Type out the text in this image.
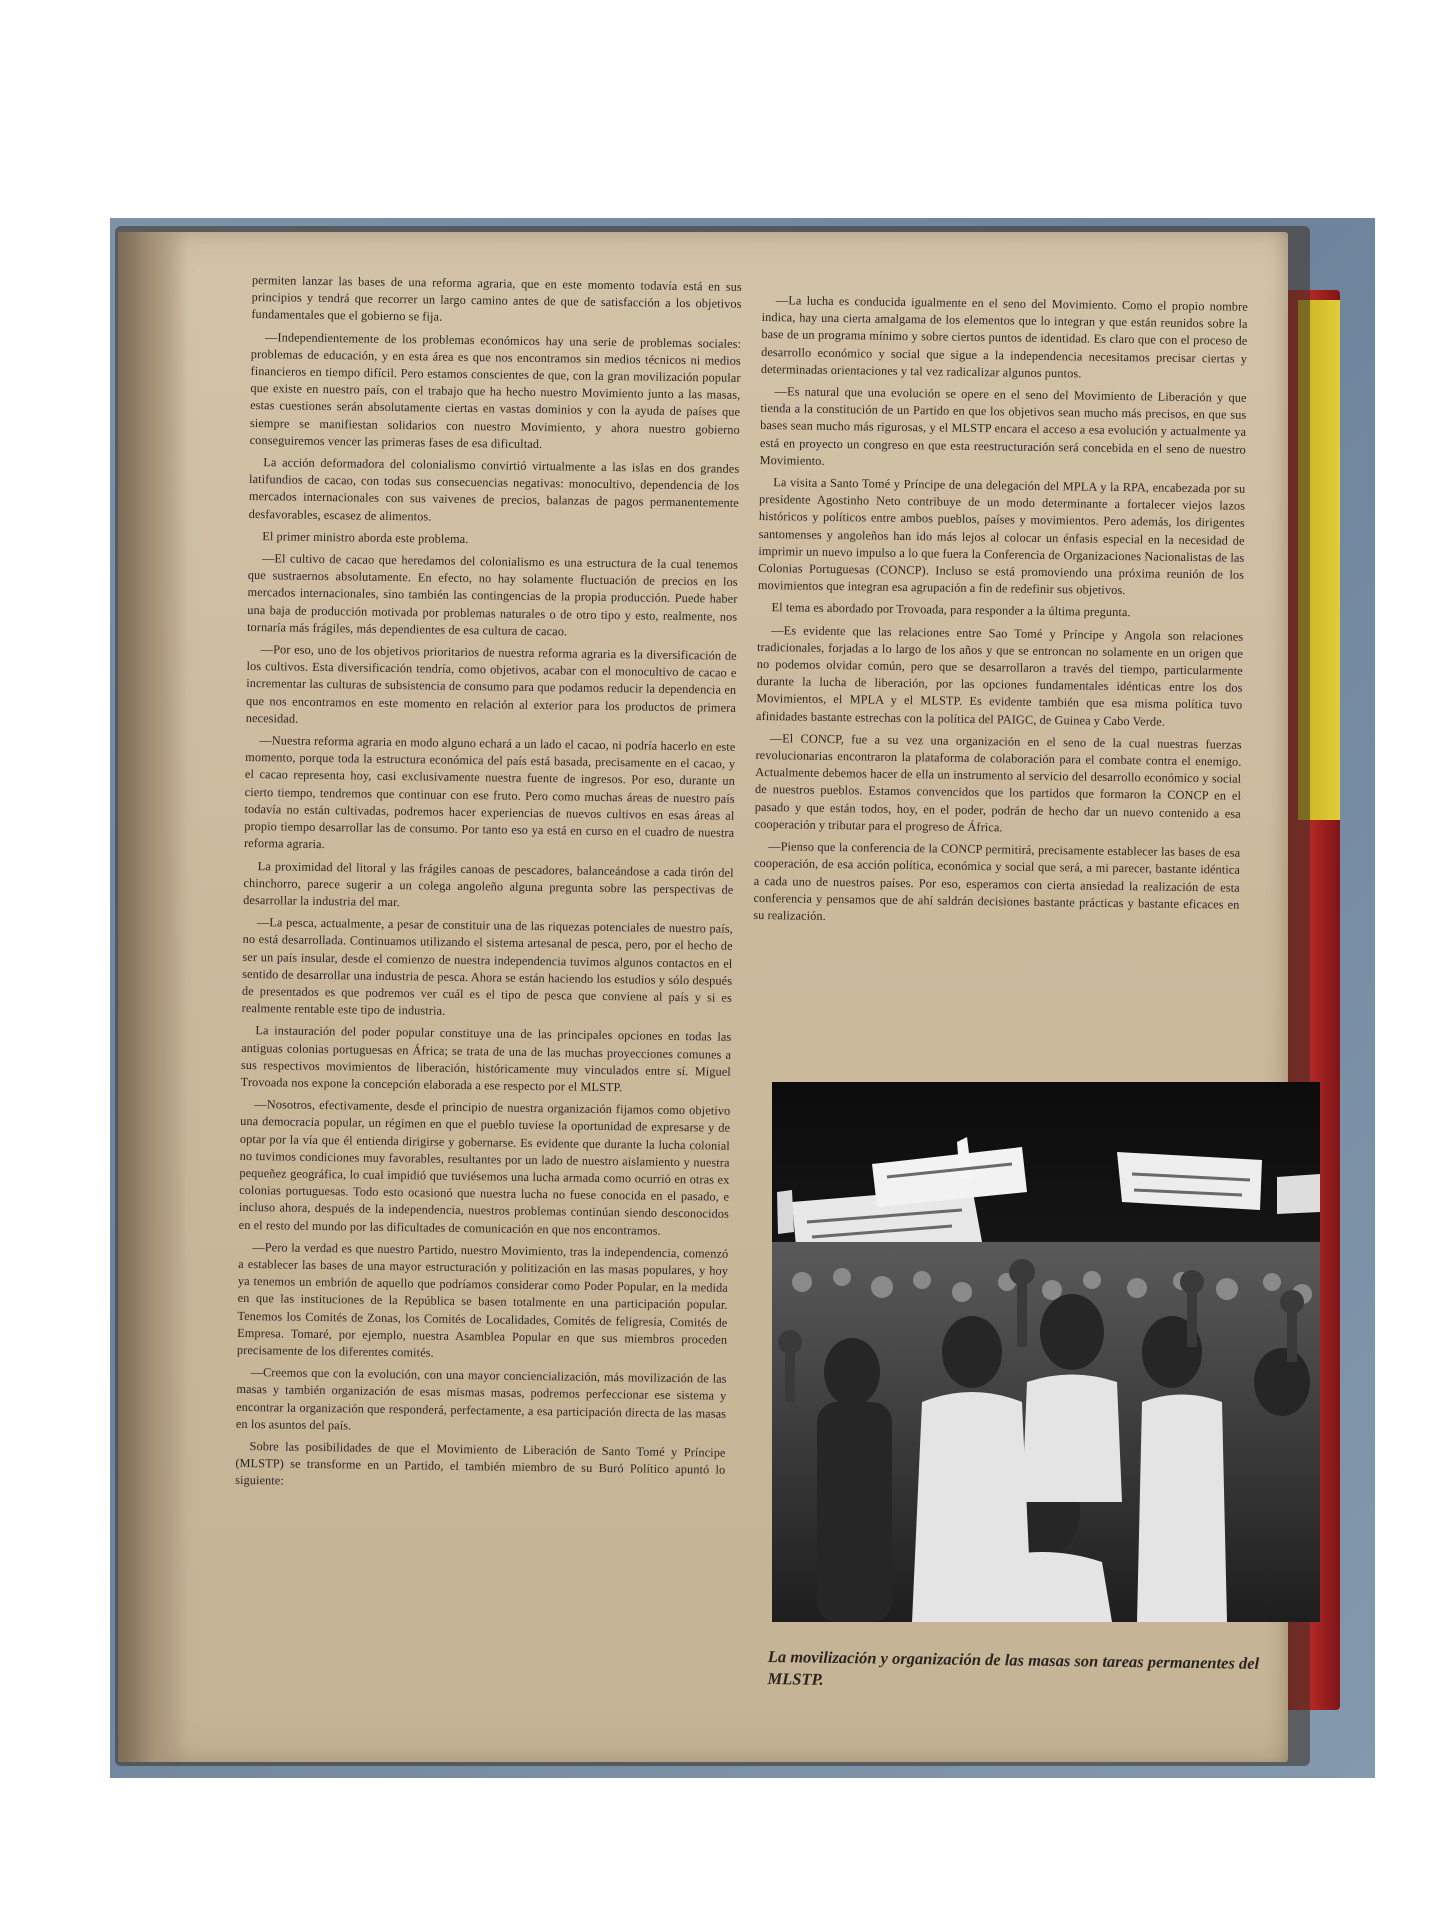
permiten lanzar las bases de una reforma agraria, que en este momento todavía está en sus principios y tendrá que recorrer un largo camino antes de que de satisfacción a los objetivos fundamentales que el gobierno se fija.

—Independientemente de los problemas económicos hay una serie de problemas sociales: problemas de educación, y en esta área es que nos encontramos sin medios técnicos ni medios financieros en tiempo difícil. Pero estamos conscientes de que, con la gran movilización popular que existe en nuestro país, con el trabajo que ha hecho nuestro Movimiento junto a las masas, estas cuestiones serán absolutamente ciertas en vastas dominios y con la ayuda de países que siempre se manifiestan solidarios con nuestro Movimiento, y ahora nuestro gobierno conseguiremos vencer las primeras fases de esa dificultad.

La acción deformadora del colonialismo convirtió virtualmente a las islas en dos grandes latifundios de cacao, con todas sus consecuencias negativas: monocultivo, dependencia de los mercados internacionales con sus vaivenes de precios, balanzas de pagos permanentemente desfavorables, escasez de alimentos.

El primer ministro aborda este problema.

—El cultivo de cacao que heredamos del colonialismo es una estructura de la cual tenemos que sustraernos absolutamente. En efecto, no hay solamente fluctuación de precios en los mercados internacionales, sino también las contingencias de la propia producción. Puede haber una baja de producción motivada por problemas naturales o de otro tipo y esto, realmente, nos tornaría más frágiles, más dependientes de esa cultura de cacao.

—Por eso, uno de los objetivos prioritarios de nuestra reforma agraria es la diversificación de los cultivos. Esta diversificación tendría, como objetivos, acabar con el monocultivo de cacao e incrementar las culturas de subsistencia de consumo para que podamos reducir la dependencia en que nos encontramos en este momento en relación al exterior para los productos de primera necesidad.

—Nuestra reforma agraria en modo alguno echará a un lado el cacao, ni podría hacerlo en este momento, porque toda la estructura económica del país está basada, precisamente en el cacao, y el cacao representa hoy, casi exclusivamente nuestra fuente de ingresos. Por eso, durante un cierto tiempo, tendremos que continuar con ese fruto. Pero como muchas áreas de nuestro país todavía no están cultivadas, podremos hacer experiencias de nuevos cultivos en esas áreas al propio tiempo desarrollar las de consumo. Por tanto eso ya está en curso en el cuadro de nuestra reforma agraria.

La proximidad del litoral y las frágiles canoas de pescadores, balanceándose a cada tirón del chinchorro, parece sugerir a un colega angoleño alguna pregunta sobre las perspectivas de desarrollar la industria del mar.

—La pesca, actualmente, a pesar de constituir una de las riquezas potenciales de nuestro país, no está desarrollada. Continuamos utilizando el sistema artesanal de pesca, pero, por el hecho de ser un país insular, desde el comienzo de nuestra independencia tuvimos algunos contactos en el sentido de desarrollar una industria de pesca. Ahora se están haciendo los estudios y sólo después de presentados es que podremos ver cuál es el tipo de pesca que conviene al país y si es realmente rentable este tipo de industria.

La instauración del poder popular constituye una de las principales opciones en todas las antiguas colonias portuguesas en África; se trata de una de las muchas proyecciones comunes a sus respectivos movimientos de liberación, históricamente muy vinculados entre sí. Miguel Trovoada nos expone la concepción elaborada a ese respecto por el MLSTP.

—Nosotros, efectivamente, desde el principio de nuestra organización fijamos como objetivo una democracia popular, un régimen en que el pueblo tuviese la oportunidad de expresarse y de optar por la vía que él entienda dirigirse y gobernarse. Es evidente que durante la lucha colonial no tuvimos condiciones muy favorables, resultantes por un lado de nuestro aislamiento y nuestra pequeñez geográfica, lo cual impidió que tuviésemos una lucha armada como ocurrió en otras ex colonias portuguesas. Todo esto ocasionó que nuestra lucha no fuese conocida en el pasado, e incluso ahora, después de la independencia, nuestros problemas continúan siendo desconocidos en el resto del mundo por las dificultades de comunicación en que nos encontramos.

—Pero la verdad es que nuestro Partido, nuestro Movimiento, tras la independencia, comenzó a establecer las bases de una mayor estructuración y politización en las masas populares, y hoy ya tenemos un embrión de aquello que podríamos considerar como Poder Popular, en la medida en que las instituciones de la República se basen totalmente en una participación popular. Tenemos los Comités de Zonas, los Comités de Localidades, Comités de feligresía, Comités de Empresa. Tomaré, por ejemplo, nuestra Asamblea Popular en que sus miembros proceden precisamente de los diferentes comités.

—Creemos que con la evolución, con una mayor conciencialización, más movilización de las masas y también organización de esas mismas masas, podremos perfeccionar ese sistema y encontrar la organización que responderá, perfectamente, a esa participación directa de las masas en los asuntos del país.

Sobre las posibilidades de que el Movimiento de Liberación de Santo Tomé y Príncipe (MLSTP) se transforme en un Partido, el también miembro de su Buró Político apuntó lo siguiente:

—La lucha es conducida igualmente en el seno del Movimiento. Como el propio nombre indica, hay una cierta amalgama de los elementos que lo integran y que están reunidos sobre la base de un programa mínimo y sobre ciertos puntos de identidad. Es claro que con el proceso de desarrollo económico y social que sigue a la independencia necesitamos precisar ciertas y determinadas orientaciones y tal vez radicalizar algunos puntos.

—Es natural que una evolución se opere en el seno del Movimiento de Liberación y que tienda a la constitución de un Partido en que los objetivos sean mucho más precisos, en que sus bases sean mucho más rigurosas, y el MLSTP encara el acceso a esa evolución y actualmente ya está en proyecto un congreso en que esta reestructuración será concebida en el seno de nuestro Movimiento.

La visita a Santo Tomé y Príncipe de una delegación del MPLA y la RPA, encabezada por su presidente Agostinho Neto contribuye de un modo determinante a fortalecer viejos lazos históricos y políticos entre ambos pueblos, países y movimientos. Pero además, los dirigentes santomenses y angoleños han ido más lejos al colocar un énfasis especial en la necesidad de imprimir un nuevo impulso a lo que fuera la Conferencia de Organizaciones Nacionalistas de las Colonias Portuguesas (CONCP). Incluso se está promoviendo una próxima reunión de los movimientos que integran esa agrupación a fin de redefinir sus objetivos.

El tema es abordado por Trovoada, para responder a la última pregunta.

—Es evidente que las relaciones entre Sao Tomé y Príncipe y Angola son relaciones tradicionales, forjadas a lo largo de los años y que se entroncan no solamente en un origen que no podemos olvidar común, pero que se desarrollaron a través del tiempo, particularmente durante la lucha de liberación, por las opciones fundamentales idénticas entre los dos Movimientos, el MPLA y el MLSTP. Es evidente también que esa misma política tuvo afinidades bastante estrechas con la política del PAIGC, de Guinea y Cabo Verde.

—El CONCP, fue a su vez una organización en el seno de la cual nuestras fuerzas revolucionarias encontraron la plataforma de colaboración para el combate contra el enemigo. Actualmente debemos hacer de ella un instrumento al servicio del desarrollo económico y social de nuestros pueblos. Estamos convencidos que los partidos que formaron la CONCP en el pasado y que están todos, hoy, en el poder, podrán de hecho dar un nuevo contenido a esa cooperación y tributar para el progreso de África.

—Pienso que la conferencia de la CONCP permitirá, precisamente establecer las bases de esa cooperación, de esa acción política, económica y social que será, a mi parecer, bastante idéntica a cada uno de nuestros países. Por eso, esperamos con cierta ansiedad la realización de esta conferencia y pensamos que de ahí saldrán decisiones bastante prácticas y bastante eficaces en su realización.

La movilización y organización de las masas son tareas permanentes del MLSTP.
